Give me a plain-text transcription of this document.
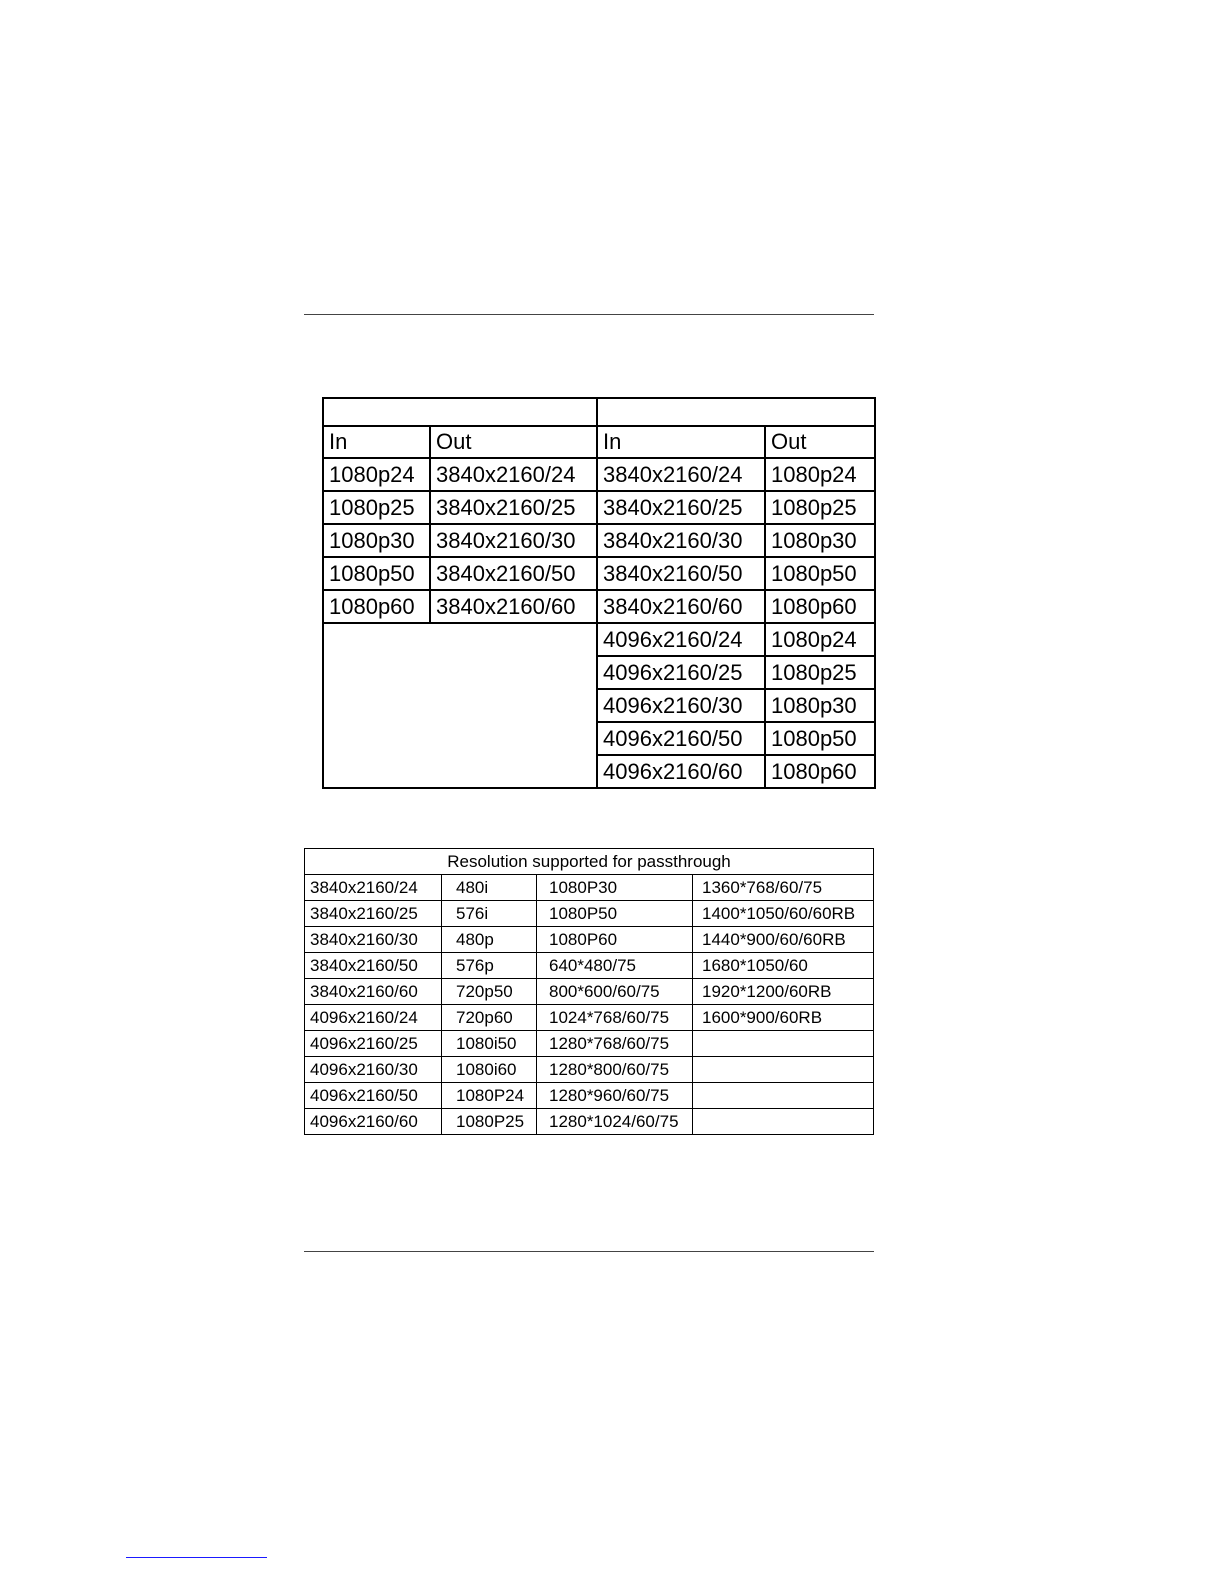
In	Out	In	Out
1080p24	3840x2160/24	3840x2160/24	1080p24
1080p25	3840x2160/25	3840x2160/25	1080p25
1080p30	3840x2160/30	3840x2160/30	1080p30
1080p50	3840x2160/50	3840x2160/50	1080p50
1080p60	3840x2160/60	3840x2160/60	1080p60
		4096x2160/24	1080p24
		4096x2160/25	1080p25
		4096x2160/30	1080p30
		4096x2160/50	1080p50
		4096x2160/60	1080p60
Resolution supported for passthrough			
3840x2160/24	480i	1080P30	1360*768/60/75
3840x2160/25	576i	1080P50	1400*1050/60/60RB
3840x2160/30	480p	1080P60	1440*900/60/60RB
3840x2160/50	576p	640*480/75	1680*1050/60
3840x2160/60	720p50	800*600/60/75	1920*1200/60RB
4096x2160/24	720p60	1024*768/60/75	1600*900/60RB
4096x2160/25	1080i50	1280*768/60/75	
4096x2160/30	1080i60	1280*800/60/75	
4096x2160/50	1080P24	1280*960/60/75	
4096x2160/60	1080P25	1280*1024/60/75	
